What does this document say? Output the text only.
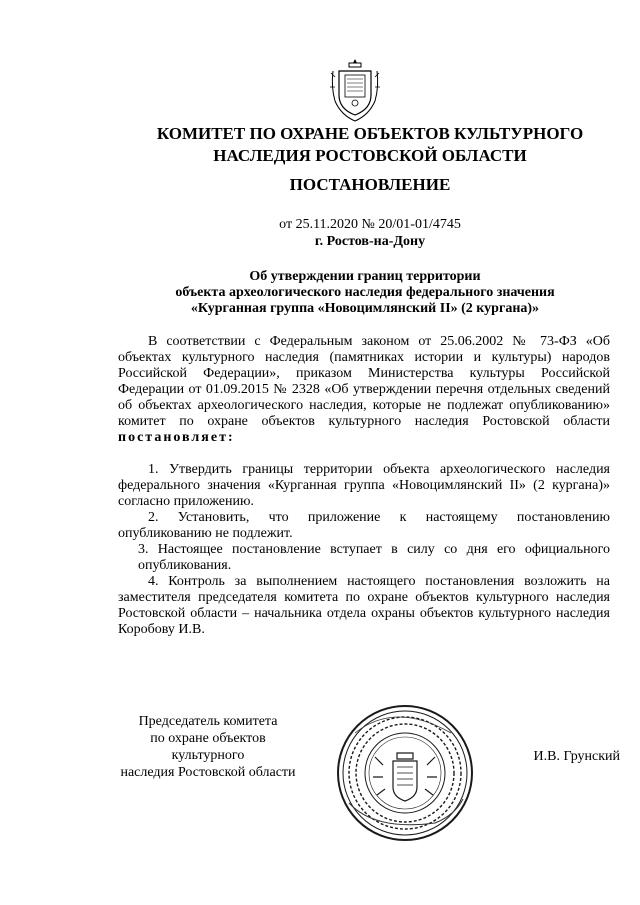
КОМИТЕТ ПО ОХРАНЕ ОБЪЕКТОВ КУЛЬТУРНОГО
НАСЛЕДИЯ РОСТОВСКОЙ ОБЛАСТИ
ПОСТАНОВЛЕНИЕ
от 25.11.2020 № 20/01-01/4745
г. Ростов-на-Дону
Об утверждении границ территории
объекта археологического наследия федерального значения
«Курганная группа «Новоцимлянский II» (2 кургана)»

В соответствии с Федеральным законом от 25.06.2002 № 73-ФЗ «Об объектах культурного наследия (памятниках истории и культуры) народов Российской Федерации», приказом Министерства культуры Российской Федерации от 01.09.2015 № 2328 «Об утверждении перечня отдельных сведений об объектах археологического наследия, которые не подлежат опубликованию» комитет по охране объектов культурного наследия Ростовской области постановляет:

1. Утвердить границы территории объекта археологического наследия федерального значения «Курганная группа «Новоцимлянский II» (2 кургана)» согласно приложению.

2. Установить, что приложение к настоящему постановлению опубликованию не подлежит.

3. Настоящее постановление вступает в силу со дня его официального опубликования.

4. Контроль за выполнением настоящего постановления возложить на заместителя председателя комитета по охране объектов культурного наследия Ростовской области – начальника отдела охраны объектов культурного наследия Коробову И.В.

Председатель комитета
по охране объектов культурного
наследия Ростовской области
И.В. Грунский
